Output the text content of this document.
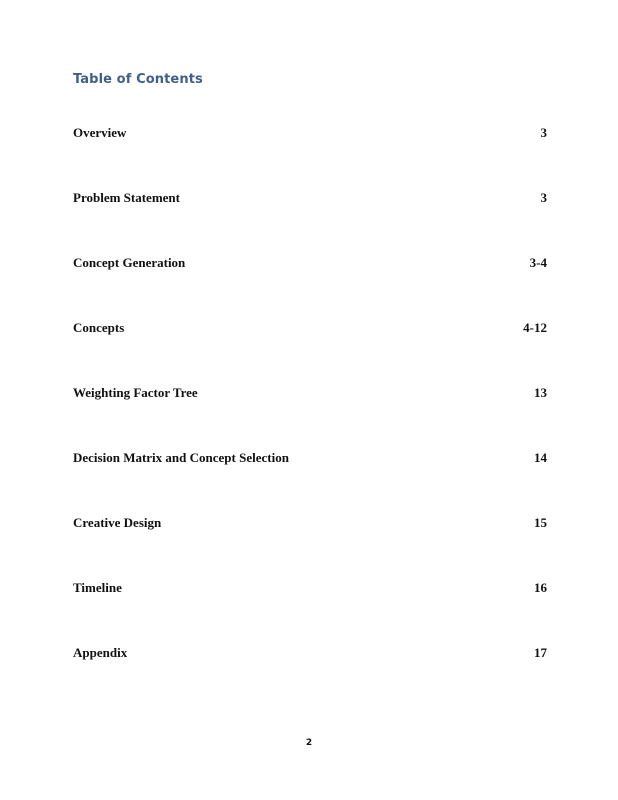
Table of Contents
Overview	3
Problem Statement	3
Concept Generation	3-4
Concepts	4-12
Weighting Factor Tree	13
Decision Matrix and Concept Selection	14
Creative Design	15
Timeline	16
Appendix	17
2
